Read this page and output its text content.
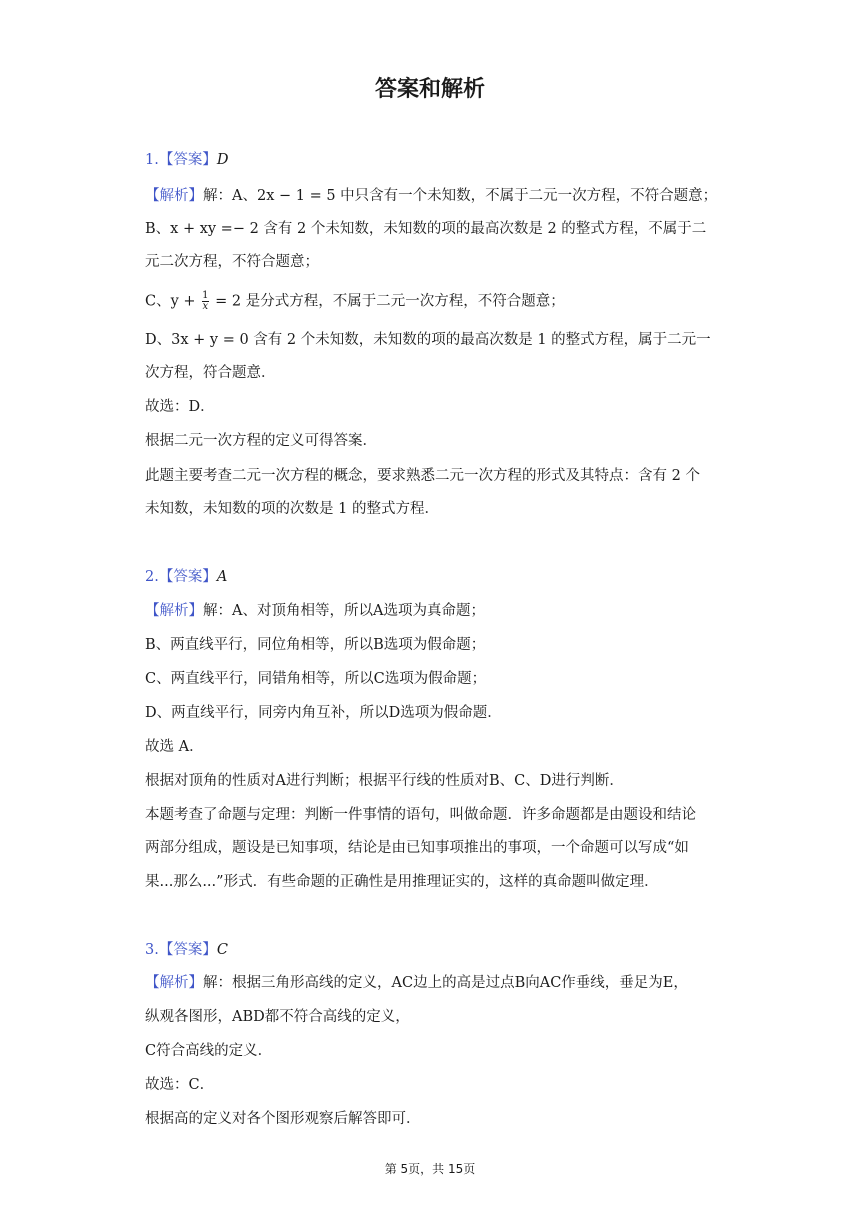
答案和解析
1.【答案】D
【解析】解：A、2x − 1 = 5 中只含有一个未知数，不属于二元一次方程，不符合题意；
B、x + xy =− 2 含有 2 个未知数，未知数的项的最高次数是 2 的整式方程，不属于二
元二次方程，不符合题意；
C、$y + \frac{1}{x} = 2$ 是分式方程，不属于二元一次方程，不符合题意；
D、3x + y = 0 含有 2 个未知数，未知数的项的最高次数是 1 的整式方程，属于二元一
次方程，符合题意．
故选：D．
根据二元一次方程的定义可得答案．
此题主要考查二元一次方程的概念，要求熟悉二元一次方程的形式及其特点：含有 2 个
未知数，未知数的项的次数是 1 的整式方程．
2.【答案】A
【解析】解：A、对顶角相等，所以A选项为真命题；
B、两直线平行，同位角相等，所以B选项为假命题；
C、两直线平行，同错角相等，所以C选项为假命题；
D、两直线平行，同旁内角互补，所以D选项为假命题．
故选 A．
根据对顶角的性质对A进行判断；根据平行线的性质对B、C、D进行判断．
本题考查了命题与定理：判断一件事情的语句，叫做命题．许多命题都是由题设和结论
两部分组成，题设是已知事项，结论是由已知事项推出的事项，一个命题可以写成“如
果...那么...”形式．有些命题的正确性是用推理证实的，这样的真命题叫做定理．
3.【答案】C
【解析】解：根据三角形高线的定义，AC边上的高是过点B向AC作垂线，垂足为E，
纵观各图形，ABD都不符合高线的定义，
C符合高线的定义．
故选：C．
根据高的定义对各个图形观察后解答即可．
第 5页，共 15页
